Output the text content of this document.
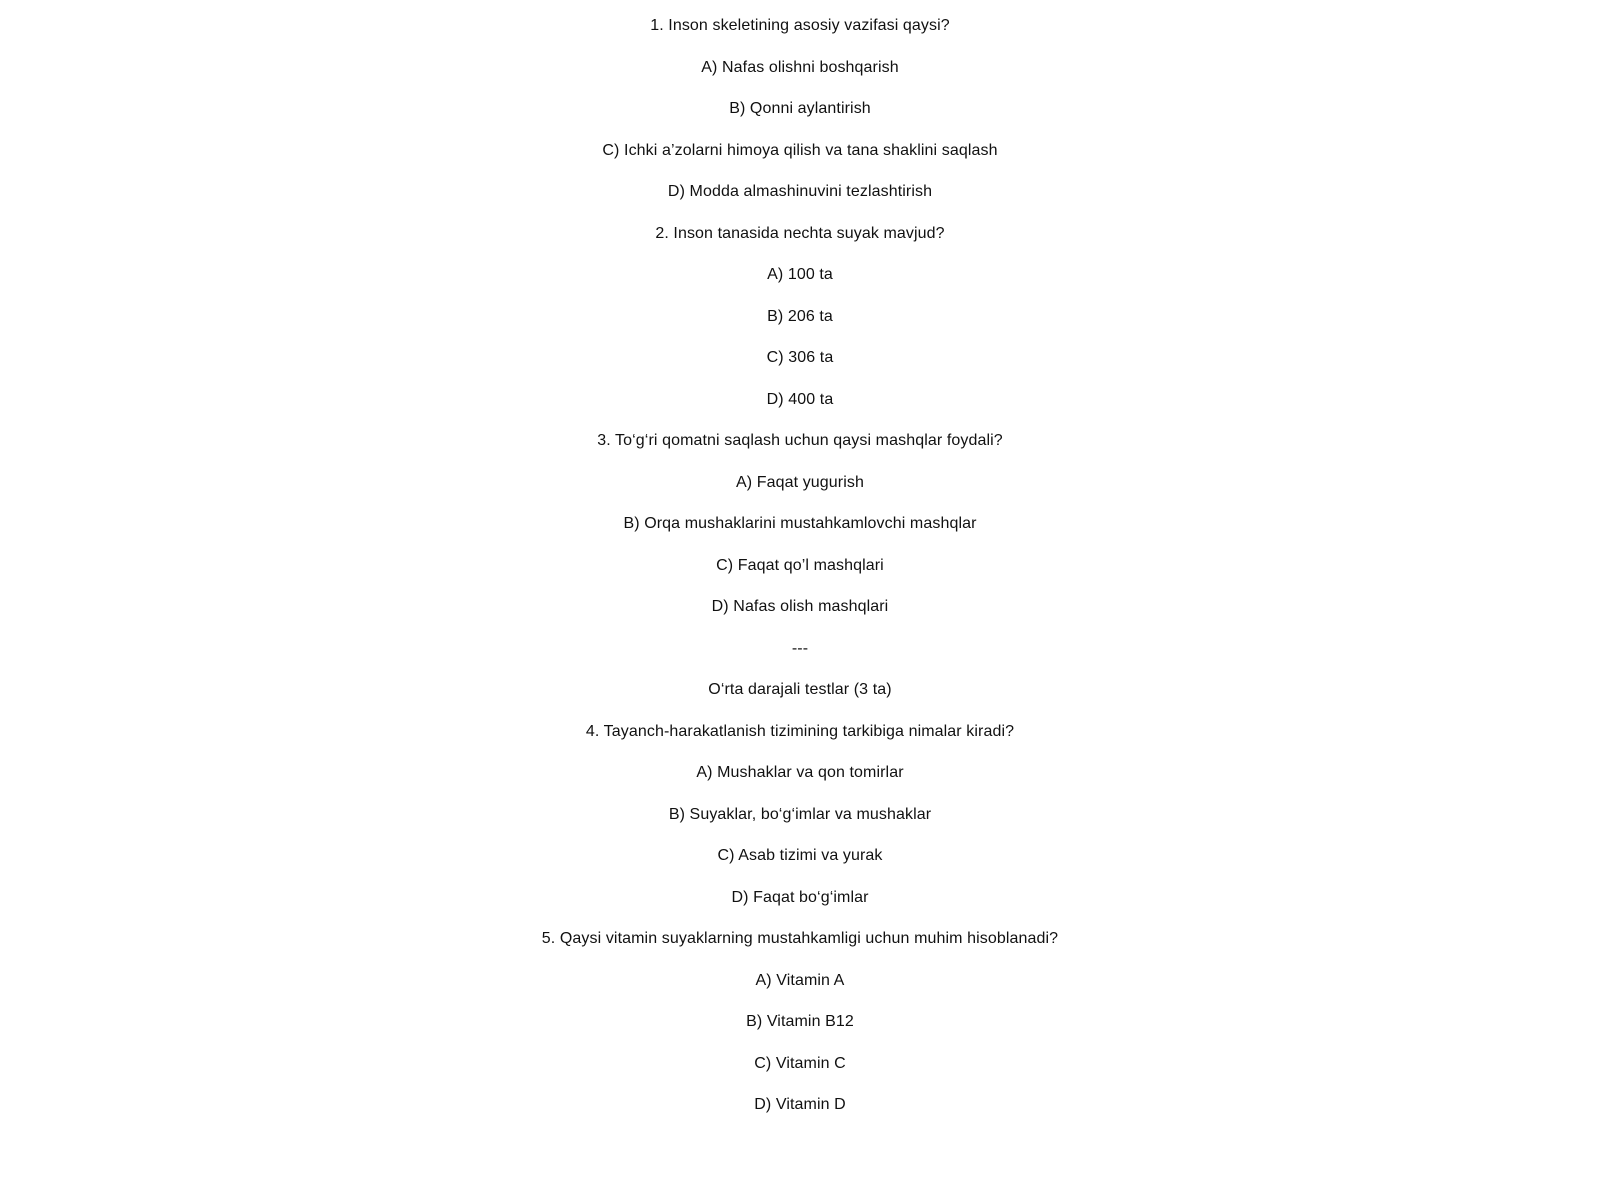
1. Inson skeletining asosiy vazifasi qaysi?
A) Nafas olishni boshqarish
B) Qonni aylantirish
C) Ichki a’zolarni himoya qilish va tana shaklini saqlash
D) Modda almashinuvini tezlashtirish
2. Inson tanasida nechta suyak mavjud?
A) 100 ta
B) 206 ta
C) 306 ta
D) 400 ta
3. To‘g‘ri qomatni saqlash uchun qaysi mashqlar foydali?
A) Faqat yugurish
B) Orqa mushaklarini mustahkamlovchi mashqlar
C) Faqat qo’l mashqlari
D) Nafas olish mashqlari
---
O‘rta darajali testlar (3 ta)
4. Tayanch-harakatlanish tizimining tarkibiga nimalar kiradi?
A) Mushaklar va qon tomirlar
B) Suyaklar, bo‘g‘imlar va mushaklar
C) Asab tizimi va yurak
D) Faqat bo‘g‘imlar
5. Qaysi vitamin suyaklarning mustahkamligi uchun muhim hisoblanadi?
A) Vitamin A
B) Vitamin B12
C) Vitamin C
D) Vitamin D
